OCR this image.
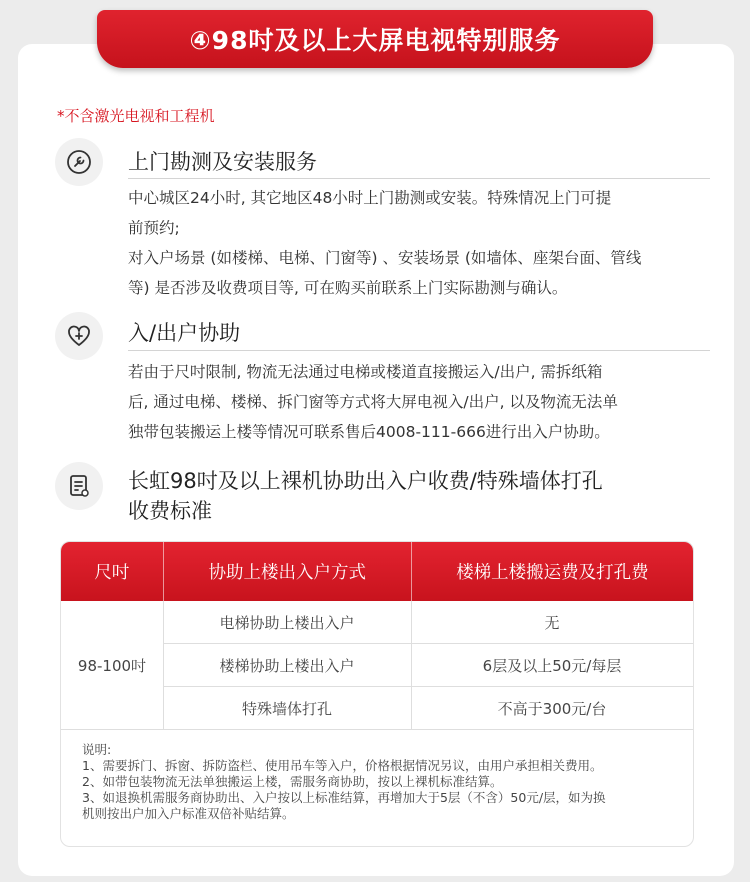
④98吋及以上大屏电视特别服务
*不含激光电视和工程机
上门勘测及安装服务
中心城区24小时, 其它地区48小时上门勘测或安装。特殊情况上门可提
前预约;
对入户场景 (如楼梯、电梯、门窗等) 、安装场景 (如墙体、座架台面、管线
等) 是否涉及收费项目等, 可在购买前联系上门实际勘测与确认。
入/出户协助
若由于尺吋限制, 物流无法通过电梯或楼道直接搬运入/出户, 需拆纸箱
后, 通过电梯、楼梯、拆门窗等方式将大屏电视入/出户, 以及物流无法单
独带包装搬运上楼等情况可联系售后4008-111-666进行出入户协助。
长虹98吋及以上裸机协助出入户收费/特殊墙体打孔
收费标准
尺吋	协助上楼出入户方式	楼梯上楼搬运费及打孔费
98-100吋
电梯协助上楼出入户	无
楼梯协助上楼出入户	6层及以上50元/每层
特殊墙体打孔	不高于300元/台
说明:
1、需要拆门、拆窗、拆防盗栏、使用吊车等入户，价格根据情况另议，由用户承担相关费用。
2、如带包装物流无法单独搬运上楼，需服务商协助，按以上裸机标准结算。
3、如退换机需服务商协助出、入户按以上标准结算，再增加大于5层（不含）50元/层，如为换
机则按出户加入户标准双倍补贴结算。
